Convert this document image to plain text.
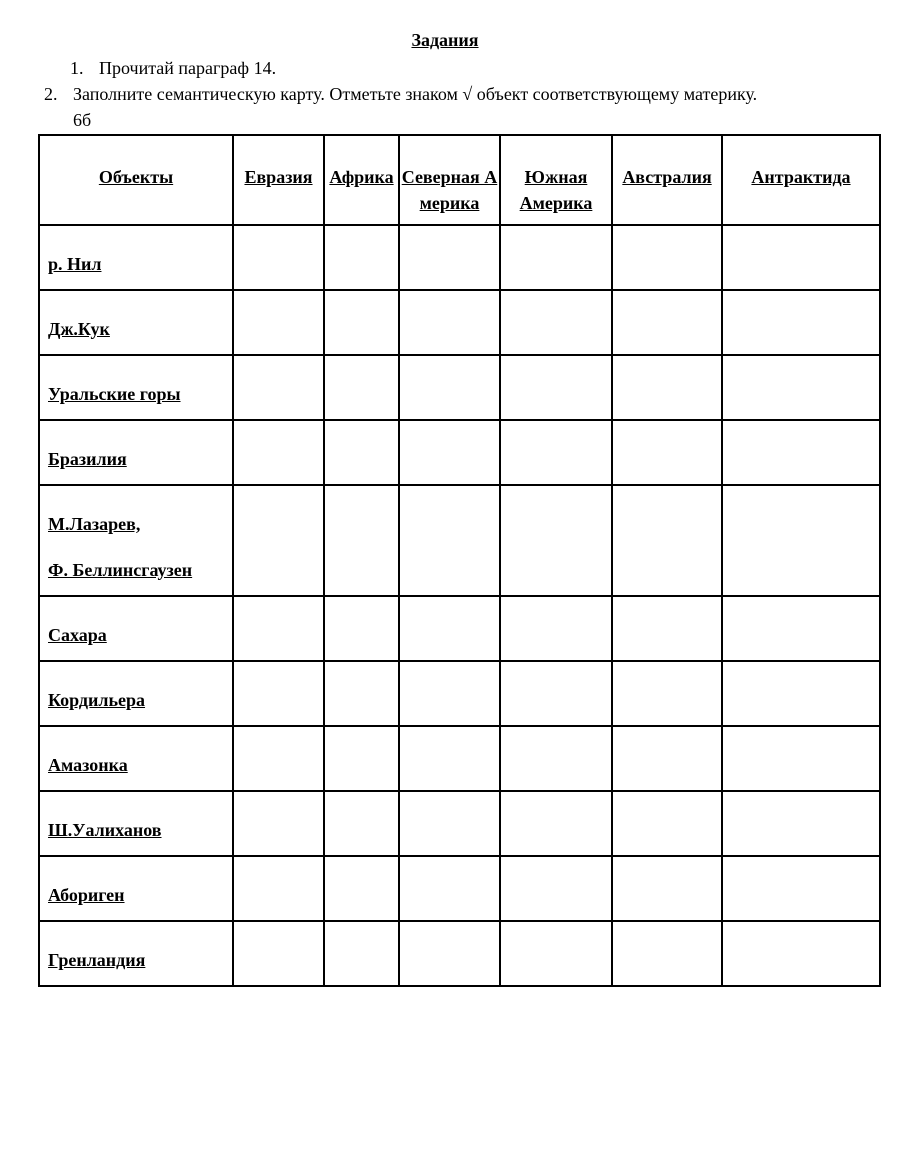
Задания
1. Прочитай параграф 14.
2. Заполните семантическую карту. Отметьте знаком √ объект соответствующему материку.
6б
Объекты	Евразия	Африка	Северная Америка	Южная Америка	Австралия	Антрактида

р. Нил						

Дж.Кук						

Уральские горы						

Бразилия						

М.Лазарев,
Ф. Беллинсгаузен						

Сахара						

Кордильера						

Амазонка						

Ш.Уалиханов						

Абориген						

Гренландия						
